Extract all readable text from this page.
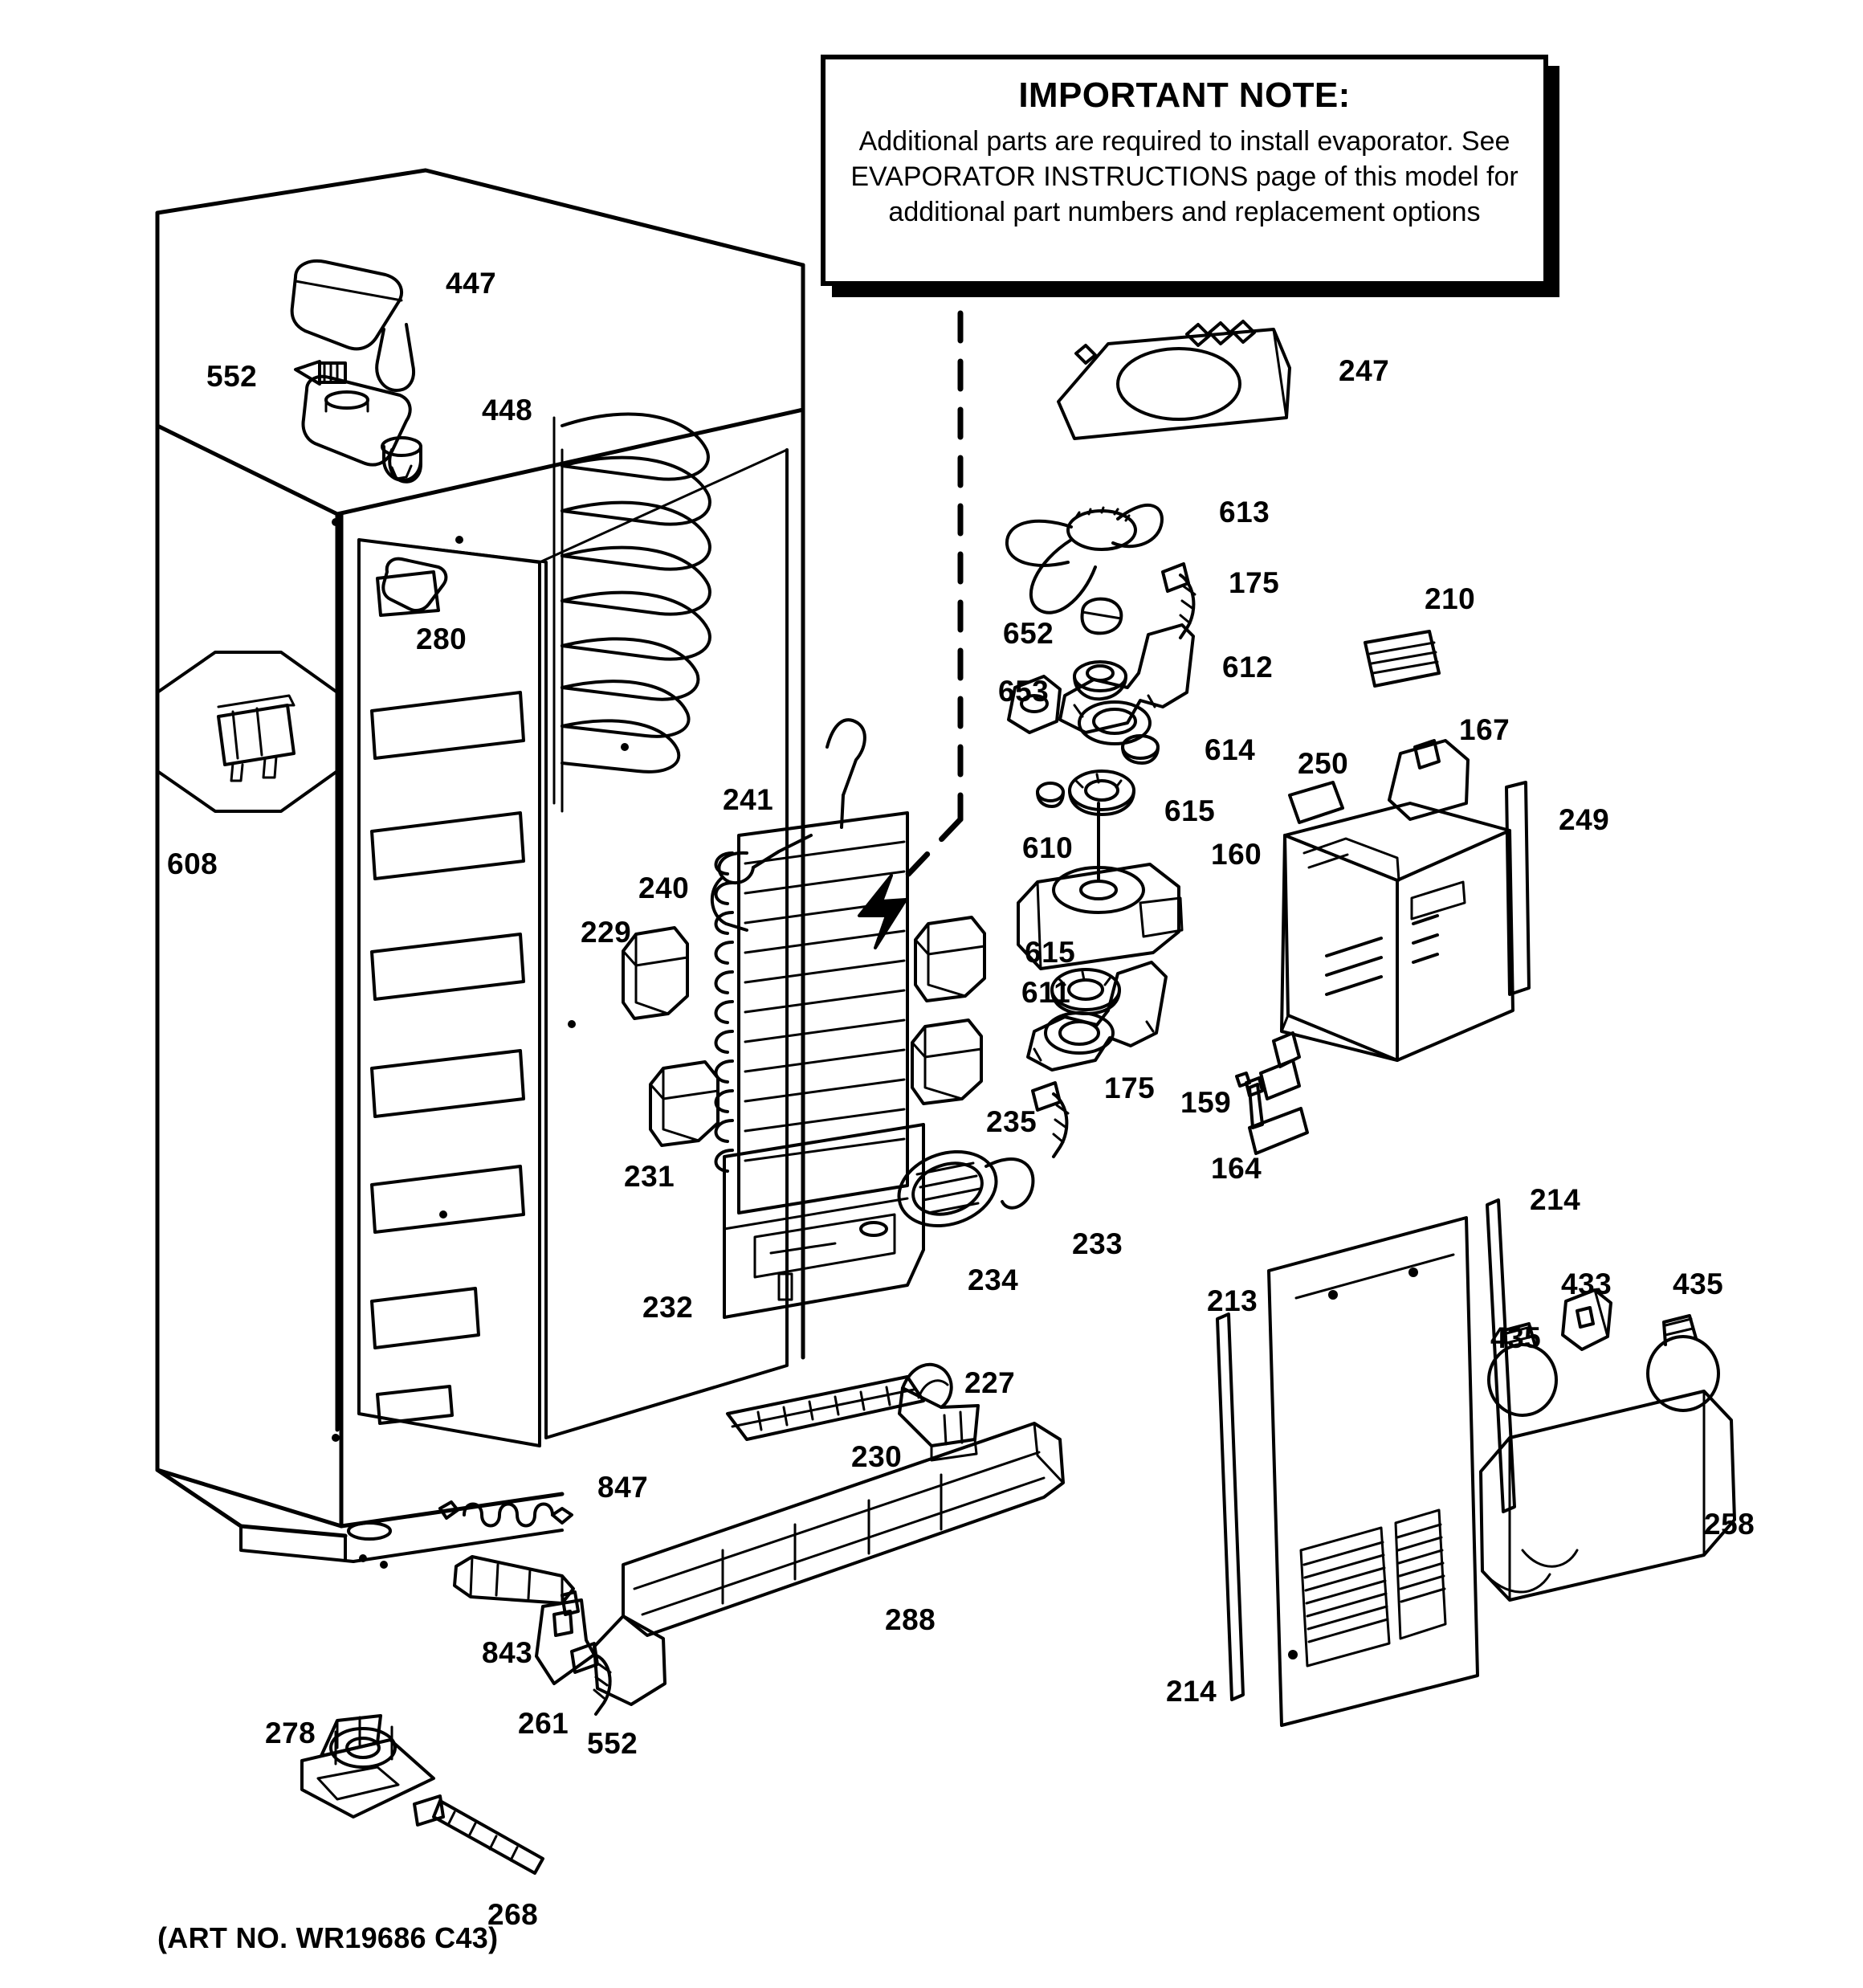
IMPORTANT NOTE:
Additional parts are required to install evaporator. See EVAPORATOR INSTRUCTIONS page of this model for additional part numbers and replacement options
447
552
448
280
608
241
240
229
231
232
230
227
288
847
843
261
552
278
268
247
613
175
652
612
653
614
615
610
615
611
175
235
233
234
160
250
210
167
249
159
164
213
214
214
433
435
435
258
(ART NO. WR19686 C43)
